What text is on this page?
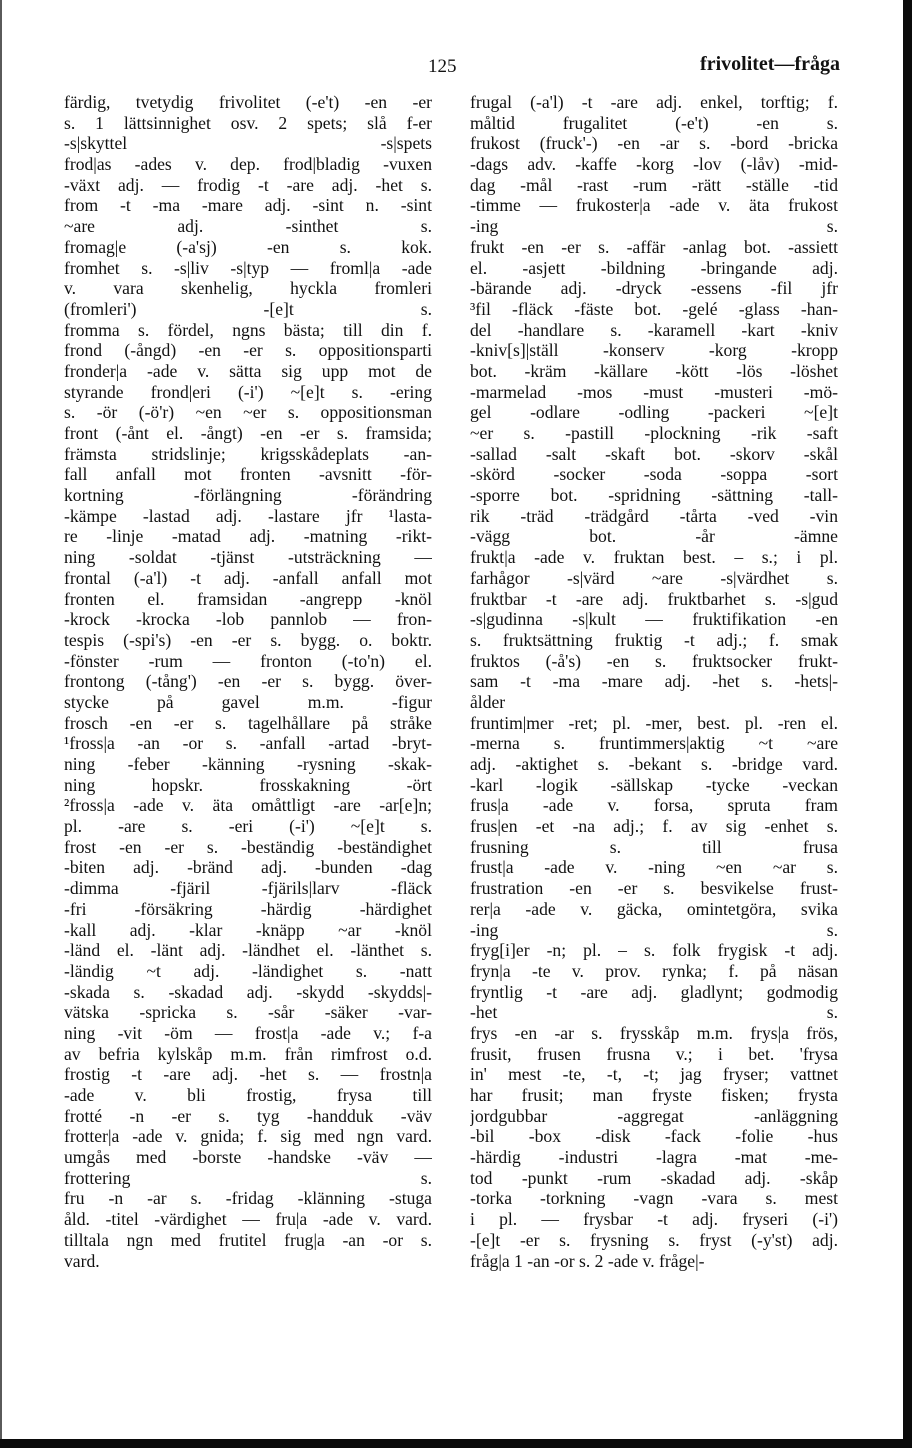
125	frivolitet—fråga
färdig, tvetydig frivolitet (-e't) -en -er
s. 1 lättsinnighet osv. 2 spets; slå f-er
-s|skyttel -s|spets
frod|as -ades v. dep. frod|bladig -vuxen
-växt adj. — frodig -t -are adj. -het s.
from -t -ma -mare adj. -sint n. -sint
~are adj. -sinthet s.
fromag|e (-a'sj) -en s. kok.
fromhet s. -s|liv -s|typ — froml|a -ade
v. vara skenhelig, hyckla fromleri
(fromleri') -[e]t s.
fromma s. fördel, ngns bästa; till din f.
frond (-ångd) -en -er s. oppositionsparti
fronder|a -ade v. sätta sig upp mot de
styrande frond|eri (-i') ~[e]t s. -ering
s. -ör (-ö'r) ~en ~er s. oppositionsman
front (-ånt el. -ångt) -en -er s. framsida;
främsta stridslinje; krigsskådeplats -an-
fall anfall mot fronten -avsnitt -för-
kortning -förlängning -förändring
-kämpe -lastad adj. -lastare jfr ¹lasta-
re -linje -matad adj. -matning -rikt-
ning -soldat -tjänst -utsträckning —
frontal (-a'l) -t adj. -anfall anfall mot
fronten el. framsidan -angrepp -knöl
-krock -krocka -lob pannlob — fron-
tespis (-spi's) -en -er s. bygg. o. boktr.
-fönster -rum — fronton (-to'n) el.
frontong (-tång') -en -er s. bygg. över-
stycke på gavel m.m. -figur
frosch -en -er s. tagelhållare på stråke
¹fross|a -an -or s. -anfall -artad -bryt-
ning -feber -känning -rysning -skak-
ning hopskr. frosskakning -ört
²fross|a -ade v. äta omåttligt -are -ar[e]n;
pl. -are s. -eri (-i') ~[e]t s.
frost -en -er s. -beständig -beständighet
-biten adj. -bränd adj. -bunden -dag
-dimma -fjäril -fjärils|larv -fläck
-fri -försäkring -härdig -härdighet
-kall adj. -klar -knäpp ~ar -knöl
-länd el. -länt adj. -ländhet el. -länthet s.
-ländig ~t adj. -ländighet s. -natt
-skada s. -skadad adj. -skydd -skydds|-
vätska -spricka s. -sår -säker -var-
ning -vit -öm — frost|a -ade v.; f-a
av befria kylskåp m.m. från rimfrost o.d.
frostig -t -are adj. -het s. — frostn|a
-ade v. bli frostig, frysa till
frotté -n -er s. tyg -handduk -väv
frotter|a -ade v. gnida; f. sig med ngn vard.
umgås med -borste -handske -väv —
frottering s.
fru -n -ar s. -fridag -klänning -stuga
åld. -titel -värdighet — fru|a -ade v. vard.
tilltala ngn med frutitel frug|a -an -or s.
vard.
frugal (-a'l) -t -are adj. enkel, torftig; f.
måltid frugalitet (-e't) -en s.
frukost (fruck'-) -en -ar s. -bord -bricka
-dags adv. -kaffe -korg -lov (-låv) -mid-
dag -mål -rast -rum -rätt -ställe -tid
-timme — frukoster|a -ade v. äta frukost
-ing s.
frukt -en -er s. -affär -anlag bot. -assiett
el. -asjett -bildning -bringande adj.
-bärande adj. -dryck -essens -fil jfr
³fil -fläck -fäste bot. -gelé -glass -han-
del -handlare s. -karamell -kart -kniv
-kniv[s]|ställ -konserv -korg -kropp
bot. -kräm -källare -kött -lös -löshet
-marmelad -mos -must -musteri -mö-
gel -odlare -odling -packeri ~[e]t
~er s. -pastill -plockning -rik -saft
-sallad -salt -skaft bot. -skorv -skål
-skörd -socker -soda -soppa -sort
-sporre bot. -spridning -sättning -tall-
rik -träd -trädgård -tårta -ved -vin
-vägg bot. -år -ämne
frukt|a -ade v. fruktan best. – s.; i pl.
farhågor -s|värd ~are -s|värdhet s.
fruktbar -t -are adj. fruktbarhet s. -s|gud
-s|gudinna -s|kult — fruktifikation -en
s. fruktsättning fruktig -t adj.; f. smak
fruktos (-å's) -en s. fruktsocker frukt-
sam -t -ma -mare adj. -het s. -hets|-
ålder
fruntim|mer -ret; pl. -mer, best. pl. -ren el.
-merna s. fruntimmers|aktig ~t ~are
adj. -aktighet s. -bekant s. -bridge vard.
-karl -logik -sällskap -tycke -veckan
frus|a -ade v. forsa, spruta fram
frus|en -et -na adj.; f. av sig -enhet s.
frusning s. till frusa
frust|a -ade v. -ning ~en ~ar s.
frustration -en -er s. besvikelse frust-
rer|a -ade v. gäcka, omintetgöra, svika
-ing s.
fryg[i]er -n; pl. – s. folk frygisk -t adj.
fryn|a -te v. prov. rynka; f. på näsan
fryntlig -t -are adj. gladlynt; godmodig
-het s.
frys -en -ar s. frysskåp m.m. frys|a frös,
frusit, frusen frusna v.; i bet. 'frysa
in' mest -te, -t, -t; jag fryser; vattnet
har frusit; man fryste fisken; frysta
jordgubbar -aggregat -anläggning
-bil -box -disk -fack -folie -hus
-härdig -industri -lagra -mat -me-
tod -punkt -rum -skadad adj. -skåp
-torka -torkning -vagn -vara s. mest
i pl. — frysbar -t adj. fryseri (-i')
-[e]t -er s. frysning s. fryst (-y'st) adj.
fråg|a 1 -an -or s. 2 -ade v. fråge|-
